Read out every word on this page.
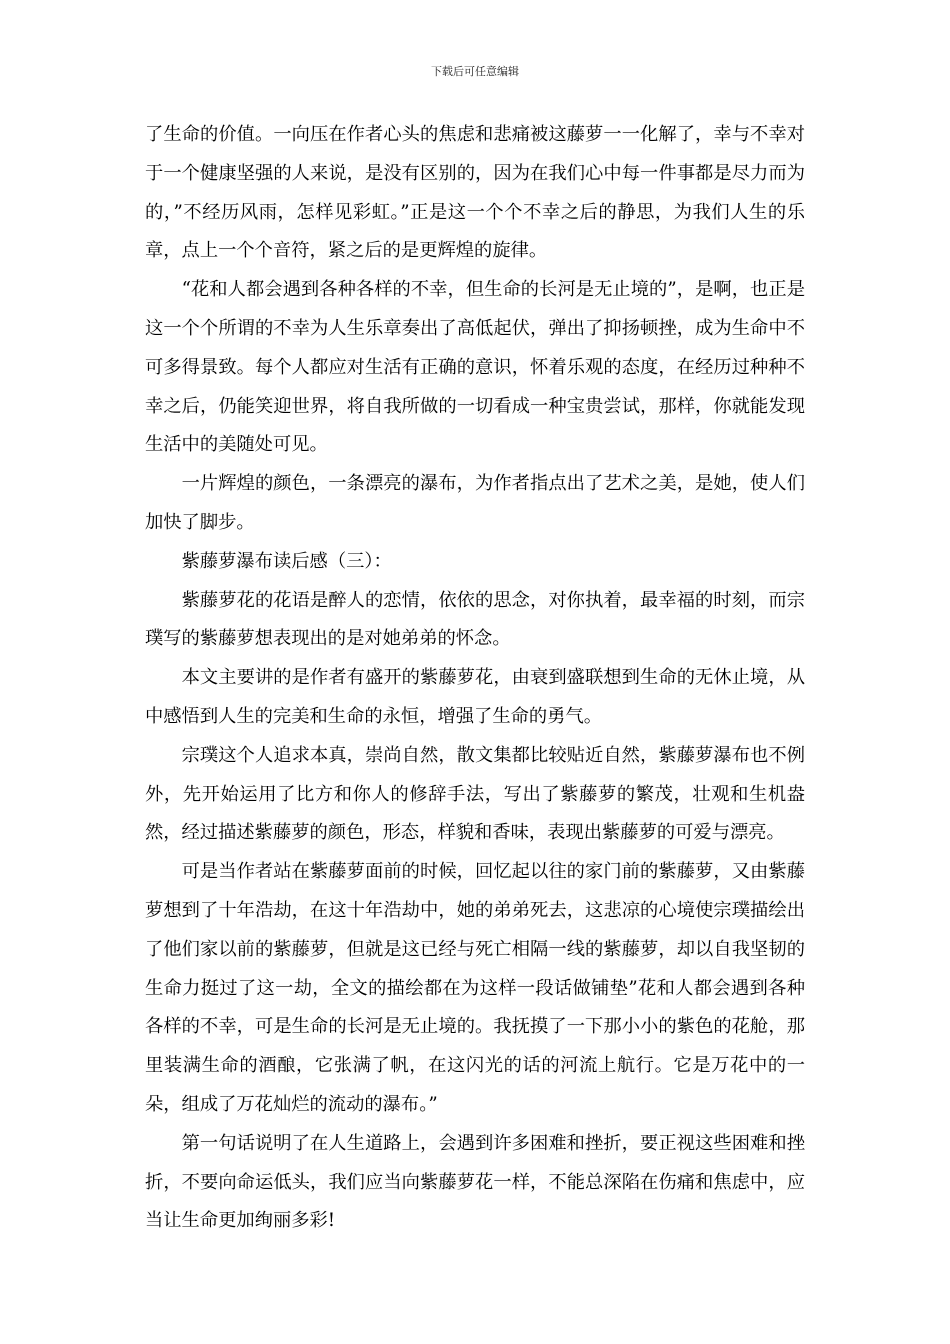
下载后可任意编辑

了生命的价值。一向压在作者心头的焦虑和悲痛被这藤萝一一化解了，幸与不幸对于一个健康坚强的人来说，是没有区别的，因为在我们心中每一件事都是尽力而为的，”不经历风雨，怎样见彩虹。”正是这一个个不幸之后的静思，为我们人生的乐章，点上一个个音符，紧之后的是更辉煌的旋律。

“花和人都会遇到各种各样的不幸，但生命的长河是无止境的”，是啊，也正是这一个个所谓的不幸为人生乐章奏出了高低起伏，弹出了抑扬顿挫，成为生命中不可多得景致。每个人都应对生活有正确的意识，怀着乐观的态度，在经历过种种不幸之后，仍能笑迎世界，将自我所做的一切看成一种宝贵尝试，那样，你就能发现生活中的美随处可见。

一片辉煌的颜色，一条漂亮的瀑布，为作者指点出了艺术之美，是她，使人们加快了脚步。

紫藤萝瀑布读后感（三）：

紫藤萝花的花语是醉人的恋情，依依的思念，对你执着，最幸福的时刻，而宗璞写的紫藤萝想表现出的是对她弟弟的怀念。

本文主要讲的是作者有盛开的紫藤萝花，由衰到盛联想到生命的无休止境，从中感悟到人生的完美和生命的永恒，增强了生命的勇气。

宗璞这个人追求本真，崇尚自然，散文集都比较贴近自然，紫藤萝瀑布也不例外，先开始运用了比方和你人的修辞手法，写出了紫藤萝的繁茂，壮观和生机盎然，经过描述紫藤萝的颜色，形态，样貌和香味，表现出紫藤萝的可爱与漂亮。

可是当作者站在紫藤萝面前的时候，回忆起以往的家门前的紫藤萝，又由紫藤萝想到了十年浩劫，在这十年浩劫中，她的弟弟死去，这悲凉的心境使宗璞描绘出了他们家以前的紫藤萝，但就是这已经与死亡相隔一线的紫藤萝，却以自我坚韧的生命力挺过了这一劫，全文的描绘都在为这样一段话做铺垫”花和人都会遇到各种各样的不幸，可是生命的长河是无止境的。我抚摸了一下那小小的紫色的花舱，那里装满生命的酒酿，它张满了帆，在这闪光的话的河流上航行。它是万花中的一朵，组成了万花灿烂的流动的瀑布。”

第一句话说明了在人生道路上，会遇到许多困难和挫折，要正视这些困难和挫折，不要向命运低头，我们应当向紫藤萝花一样，不能总深陷在伤痛和焦虑中，应当让生命更加绚丽多彩!
